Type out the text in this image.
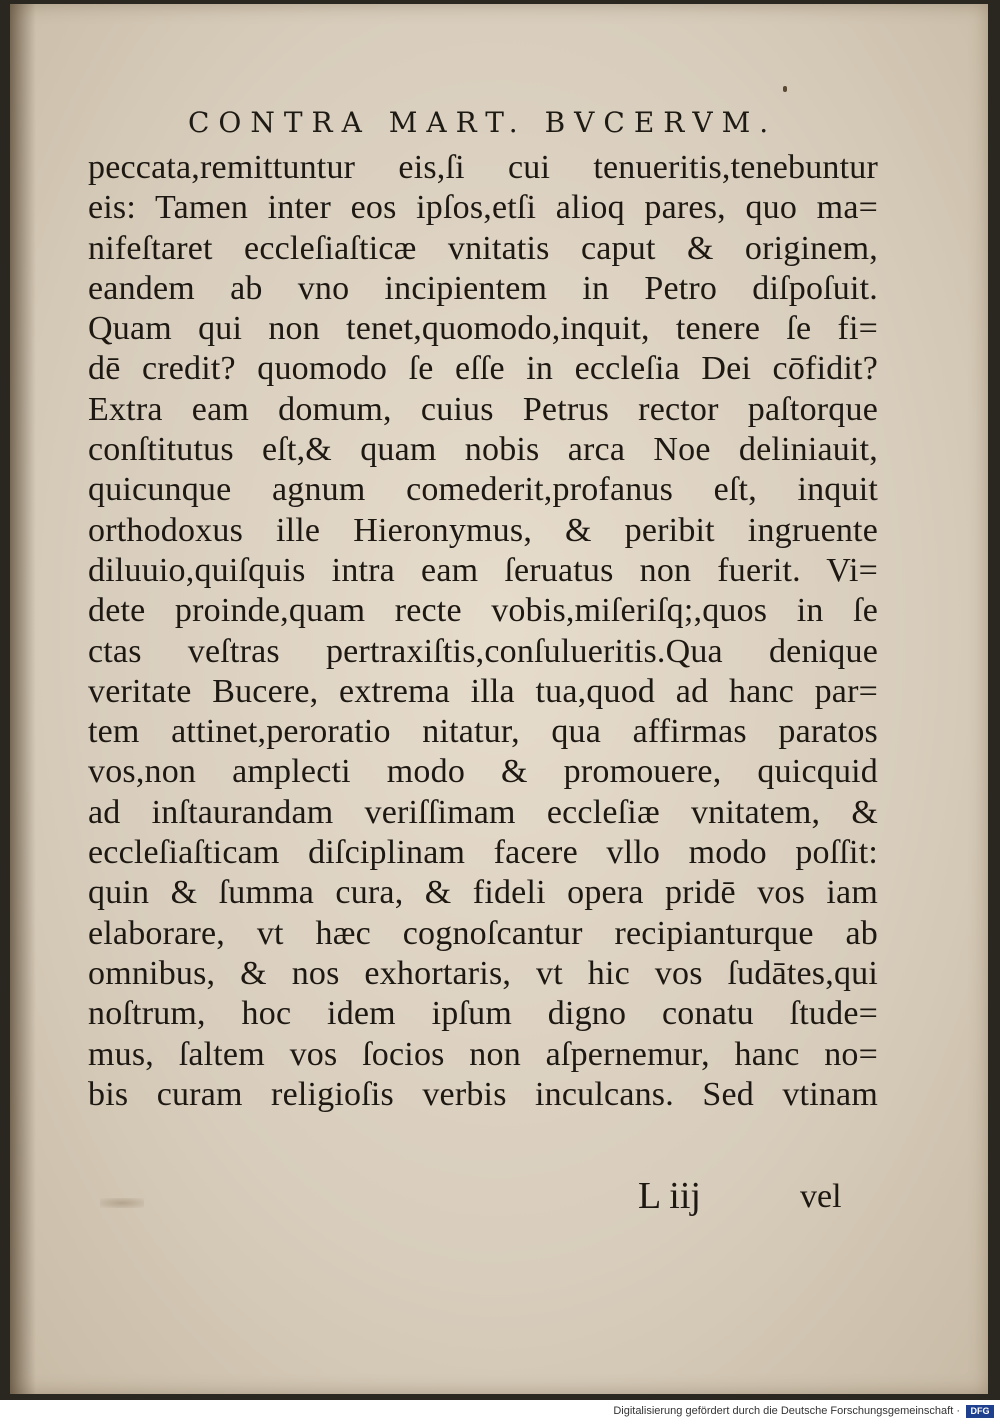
CONTRA MART. BVCERVM.
peccata,remittuntur eis,ſi cui tenueritis,tenebuntur
eis: Tamen inter eos ipſos,etſi alioq pares, quo ma=
nifeſtaret eccleſiaſticæ vnitatis caput & originem,
eandem ab vno incipientem in Petro diſpoſuit.
Quam qui non tenet,quomodo,inquit, tenere ſe fi=
dē credit? quomodo ſe eſſe in eccleſia Dei cōfidit?
Extra eam domum, cuius Petrus rector paſtorque
conſtitutus eſt,& quam nobis arca Noe deliniauit,
quicunque agnum comederit,profanus eſt, inquit
orthodoxus ille Hieronymus, & peribit ingruente
diluuio,quiſquis intra eam ſeruatus non fuerit. Vi=
dete proinde,quam recte vobis,miſeriſq;,quos in ſe
ctas veſtras pertraxiſtis,conſulueritis.Qua denique
veritate Bucere, extrema illa tua,quod ad hanc par=
tem attinet,peroratio nitatur, qua affirmas paratos
vos,non amplecti modo & promouere, quicquid
ad inſtaurandam veriſſimam eccleſiæ vnitatem, &
eccleſiaſticam diſciplinam facere vllo modo poſſit:
quin & ſumma cura, & fideli opera pridē vos iam
elaborare, vt hæc cognoſcantur recipianturque ab
omnibus, & nos exhortaris, vt hic vos ſudātes,qui
noſtrum, hoc idem ipſum digno conatu ſtude=
mus, ſaltem vos ſocios non aſpernemur, hanc no=
bis curam religioſis verbis inculcans. Sed vtinam
L iij	vel
Digitalisierung gefördert durch die Deutsche Forschungsgemeinschaft ·	DFG
